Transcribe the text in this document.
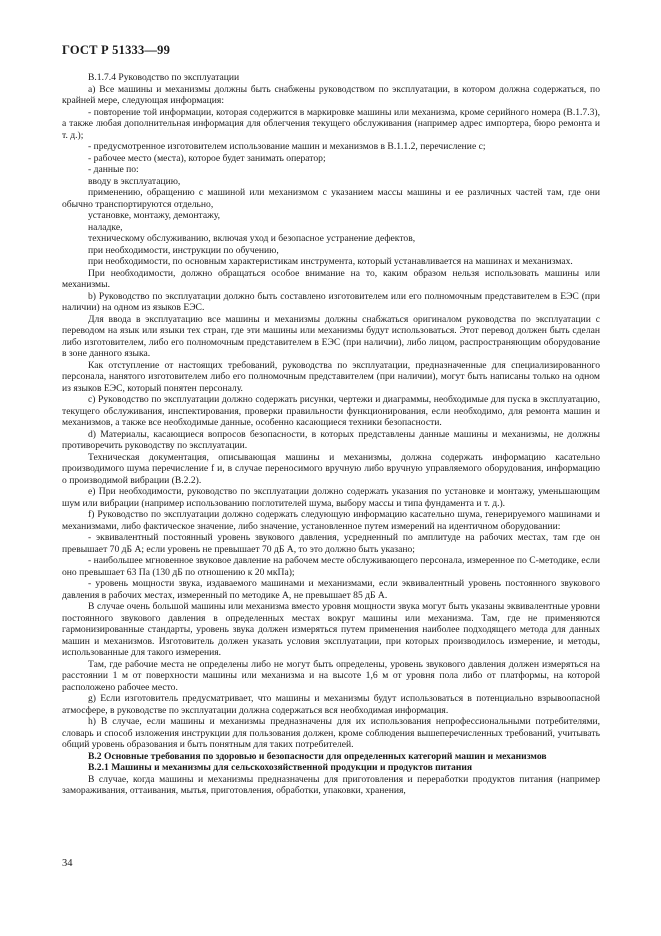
ГОСТ Р 51333—99

В.1.7.4 Руководство по эксплуатации

а) Все машины и механизмы должны быть снабжены руководством по эксплуатации, в котором должна содержаться, по крайней мере, следующая информация:

- повторение той информации, которая содержится в маркировке машины или механизма, кроме серийного номера (В.1.7.3), а также любая дополнительная информация для облегчения текущего обслуживания (например адрес импортера, бюро ремонта и т. д.);

- предусмотренное изготовителем использование машин и механизмов в В.1.1.2, перечисление с;

- рабочее место (места), которое будет занимать оператор;

- данные по:

вводу в эксплуатацию,

применению, обращению с машиной или механизмом с указанием массы машины и ее различных частей там, где они обычно транспортируются отдельно,

установке, монтажу, демонтажу,

наладке,

техническому обслуживанию, включая уход и безопасное устранение дефектов,

при необходимости, инструкции по обучению,

при необходимости, по основным характеристикам инструмента, который устанавливается на машинах и механизмах.

При необходимости, должно обращаться особое внимание на то, каким образом нельзя использовать машины или механизмы.

b) Руководство по эксплуатации должно быть составлено изготовителем или его полномочным представителем в ЕЭС (при наличии) на одном из языков ЕЭС.

Для ввода в эксплуатацию все машины и механизмы должны снабжаться оригиналом руководства по эксплуатации с переводом на язык или языки тех стран, где эти машины или механизмы будут использоваться. Этот перевод должен быть сделан либо изготовителем, либо его полномочным представителем в ЕЭС (при наличии), либо лицом, распространяющим оборудование в зоне данного языка.

Как отступление от настоящих требований, руководства по эксплуатации, предназначенные для специализированного персонала, нанятого изготовителем либо его полномочным представителем (при наличии), могут быть написаны только на одном из языков ЕЭС, который понятен персоналу.

с) Руководство по эксплуатации должно содержать рисунки, чертежи и диаграммы, необходимые для пуска в эксплуатацию, текущего обслуживания, инспектирования, проверки правильности функционирования, если необходимо, для ремонта машин и механизмов, а также все необходимые данные, особенно касающиеся техники безопасности.

d) Материалы, касающиеся вопросов безопасности, в которых представлены данные машины и механизмы, не должны противоречить руководству по эксплуатации.

Техническая документация, описывающая машины и механизмы, должна содержать информацию касательно производимого шума перечисление f и, в случае переносимого вручную либо вручную управляемого оборудования, информацию о производимой вибрации (В.2.2).

е) При необходимости, руководство по эксплуатации должно содержать указания по установке и монтажу, уменьшающим шум или вибрации (например использованию поглотителей шума, выбору массы и типа фундамента и т. д.).

f) Руководство по эксплуатации должно содержать следующую информацию касательно шума, генерируемого машинами и механизмами, либо фактическое значение, либо значение, установленное путем измерений на идентичном оборудовании:

- эквивалентный постоянный уровень звукового давления, усредненный по амплитуде на рабочих местах, там где он превышает 70 дБ A; если уровень не превышает 70 дБ A, то это должно быть указано;

- наибольшее мгновенное звуковое давление на рабочем месте обслуживающего персонала, измеренное по С-методике, если оно превышает 63 Па (130 дБ по отношению к 20 мкПа);

- уровень мощности звука, издаваемого машинами и механизмами, если эквивалентный уровень постоянного звукового давления в рабочих местах, измеренный по методике А, не превышает 85 дБ A.

В случае очень большой машины или механизма вместо уровня мощности звука могут быть указаны эквивалентные уровни постоянного звукового давления в определенных местах вокруг машины или механизма. Там, где не применяются гармонизированные стандарты, уровень звука должен измеряться путем применения наиболее подходящего метода для данных машин и механизмов. Изготовитель должен указать условия эксплуатации, при которых производилось измерение, и методы, использованные для такого измерения.

Там, где рабочие места не определены либо не могут быть определены, уровень звукового давления должен измеряться на расстоянии 1 м от поверхности машины или механизма и на высоте 1,6 м от уровня пола либо от платформы, на которой расположено рабочее место.

g) Если изготовитель предусматривает, что машины и механизмы будут использоваться в потенциально взрывоопасной атмосфере, в руководстве по эксплуатации должна содержаться вся необходимая информация.

h) В случае, если машины и механизмы предназначены для их использования непрофессиональными потребителями, словарь и способ изложения инструкции для пользования должен, кроме соблюдения вышеперечисленных требований, учитывать общий уровень образования и быть понятным для таких потребителей.

В.2 Основные требования по здоровью и безопасности для определенных категорий машин и механизмов

В.2.1 Машины и механизмы для сельскохозяйственной продукции и продуктов питания

В случае, когда машины и механизмы предназначены для приготовления и переработки продуктов питания (например замораживания, оттаивания, мытья, приготовления, обработки, упаковки, хранения,

34
